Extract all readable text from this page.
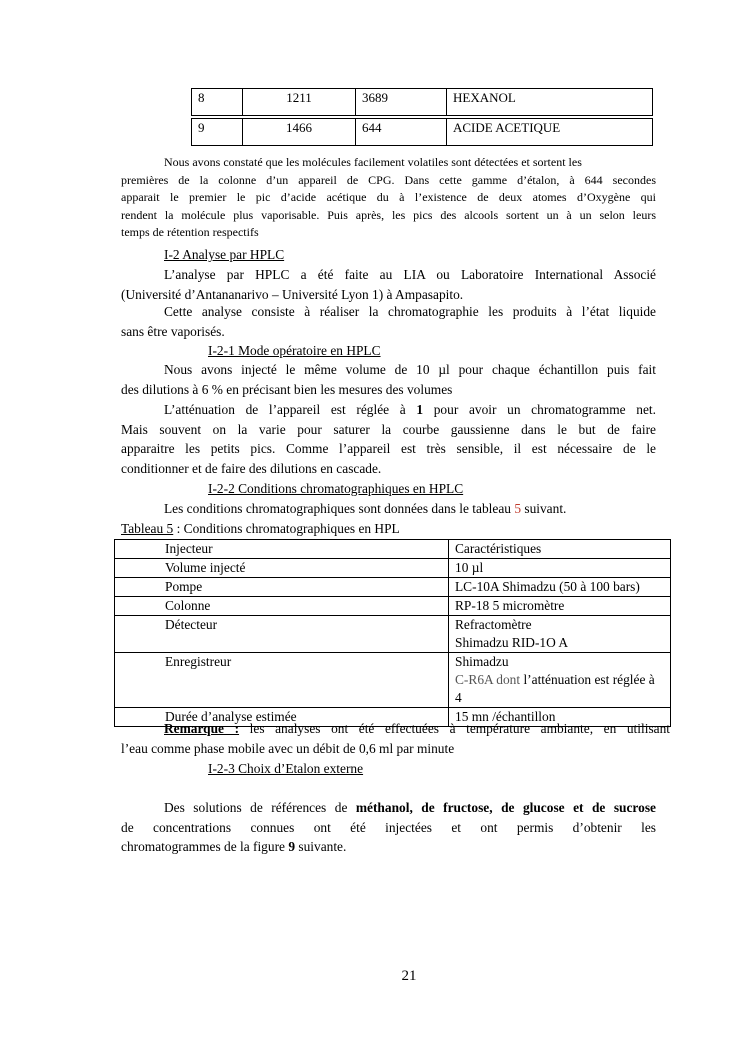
8	1211	3689	HEXANOL
9	1466	644	ACIDE ACETIQUE
Nous avons constaté que les molécules facilement volatiles sont détectées et sortent les
premières de la colonne d’un appareil de CPG. Dans cette gamme d’étalon, à 644 secondes
apparait le premier le pic d’acide acétique du à l’existence de deux atomes d’Oxygène qui
rendent la molécule plus vaporisable. Puis après, les pics des alcools sortent un à un selon leurs
temps de rétention respectifs
I-2 Analyse par HPLC
L’analyse par HPLC a été faite au LIA ou Laboratoire International Associé
(Université d’Antananarivo – Université Lyon 1) à Ampasapito.
Cette analyse consiste à réaliser la chromatographie les produits à l’état liquide
sans être vaporisés.
I-2-1 Mode opératoire en HPLC
Nous avons injecté le même volume de 10 µl pour chaque échantillon puis fait
des dilutions à 6 % en précisant bien les mesures des volumes
L’atténuation de l’appareil est réglée à 1 pour avoir un chromatogramme net.
Mais souvent on la varie pour saturer la courbe gaussienne dans le but de faire
apparaitre les petits pics. Comme l’appareil est très sensible, il est nécessaire de le
conditionner et de faire des dilutions en cascade.
I-2-2 Conditions chromatographiques en HPLC
Les conditions chromatographiques sont données dans le tableau 5 suivant.
Tableau 5 : Conditions chromatographiques en HPL
Injecteur	Caractéristiques
Volume injecté	10 µl
Pompe	LC-10A Shimadzu (50 à 100 bars)
Colonne	RP-18 5 micromètre
Détecteur	Refractomètre
Shimadzu RID-1O A

Enregistreur	Shimadzu
C-R6A dont l’atténuation est réglée à 4

Durée d’analyse estimée	15 mn /échantillon
Remarque : les analyses ont été effectuées à température ambiante, en utilisant
l’eau comme phase mobile avec un débit de 0,6 ml par minute
I-2-3 Choix d’Etalon externe
Des solutions de références de méthanol, de fructose, de glucose et de sucrose
de concentrations connues ont été injectées et ont permis d’obtenir les
chromatogrammes de la figure 9 suivante.
21
